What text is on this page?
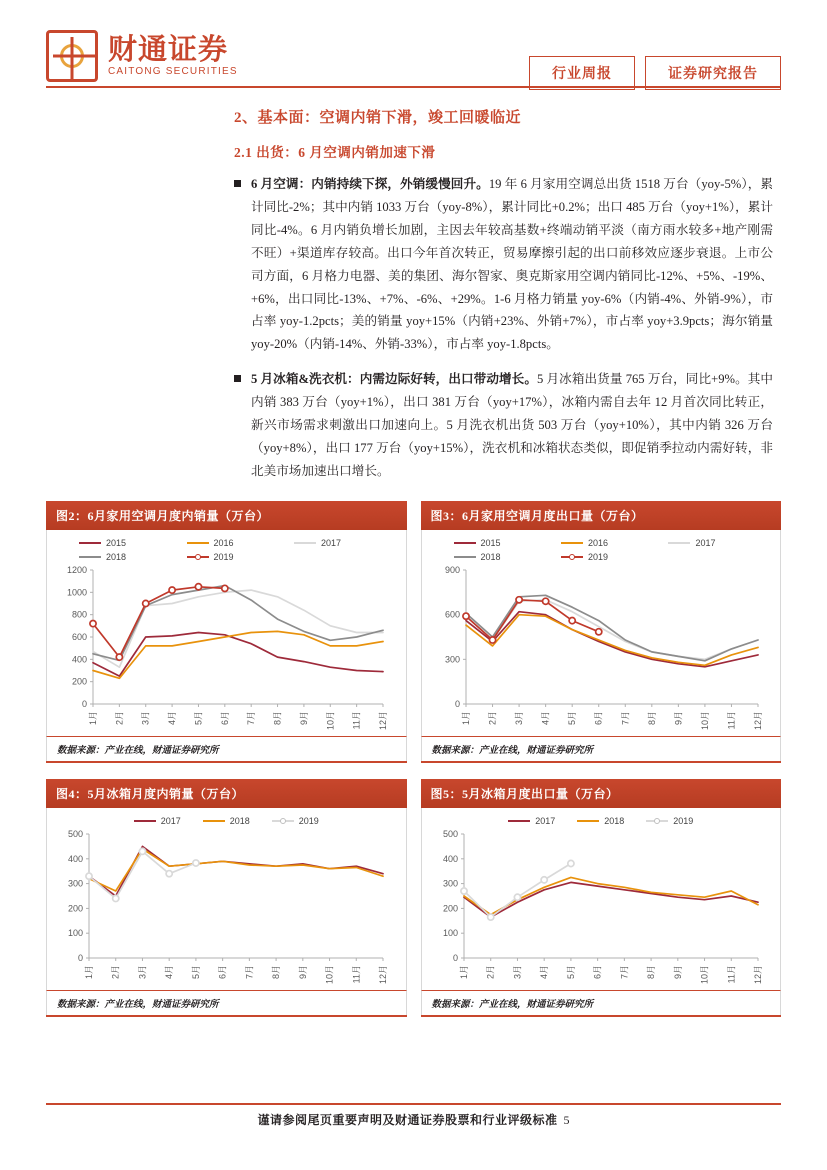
财通证券
CAITONG SECURITIES	行业周报	证券研究报告
2、基本面：空调内销下滑，竣工回暖临近
2.1 出货：6 月空调内销加速下滑
6 月空调：内销持续下探，外销缓慢回升。19 年 6 月家用空调总出货 1518 万台（yoy-5%），累计同比-2%；其中内销 1033 万台（yoy-8%），累计同比+0.2%；出口 485 万台（yoy+1%），累计同比-4%。6 月内销负增长加剧，主因去年较高基数+终端动销平淡（南方雨水较多+地产刚需不旺）+渠道库存较高。出口今年首次转正，贸易摩擦引起的出口前移效应逐步衰退。上市公司方面，6 月格力电器、美的集团、海尔智家、奥克斯家用空调内销同比-12%、+5%、-19%、+6%，出口同比-13%、+7%、-6%、+29%。1-6 月格力销量 yoy-6%（内销-4%、外销-9%），市占率 yoy-1.2pcts；美的销量 yoy+15%（内销+23%、外销+7%），市占率 yoy+3.9pcts；海尔销量 yoy-20%（内销-14%、外销-33%），市占率 yoy-1.8pcts。
5 月冰箱&洗衣机：内需边际好转，出口带动增长。5 月冰箱出货量 765 万台，同比+9%。其中内销 383 万台（yoy+1%），出口 381 万台（yoy+17%），冰箱内需自去年 12 月首次同比转正，新兴市场需求刺激出口加速向上。5 月洗衣机出货 503 万台（yoy+10%），其中内销 326 万台（yoy+8%），出口 177 万台（yoy+15%），洗衣机和冰箱状态类似，即促销季拉动内需好转，非北美市场加速出口增长。
图2：6月家用空调月度内销量（万台）
2015	2016	2017
2018	2019
0
200
400
600
800
1000
1200
1月 2月 3月 4月 5月 6月 7月 8月 9月 10月 11月 12月
数据来源：产业在线，财通证券研究所
图3：6月家用空调月度出口量（万台）
2015	2016	2017
2018	2019
0
300
600
900
1月 2月 3月 4月 5月 6月 7月 8月 9月 10月 11月 12月
数据来源：产业在线，财通证券研究所
图4：5月冰箱月度内销量（万台）
2017	2018	2019
0
100
200
300
400
500
1月 2月 3月 4月 5月 6月 7月 8月 9月 10月 11月 12月
数据来源：产业在线，财通证券研究所
图5：5月冰箱月度出口量（万台）
2017	2018	2019
0
100
200
300
400
500
1月 2月 3月 4月 5月 6月 7月 8月 9月 10月 11月 12月
数据来源：产业在线，财通证券研究所
谨请参阅尾页重要声明及财通证券股票和行业评级标准 5
